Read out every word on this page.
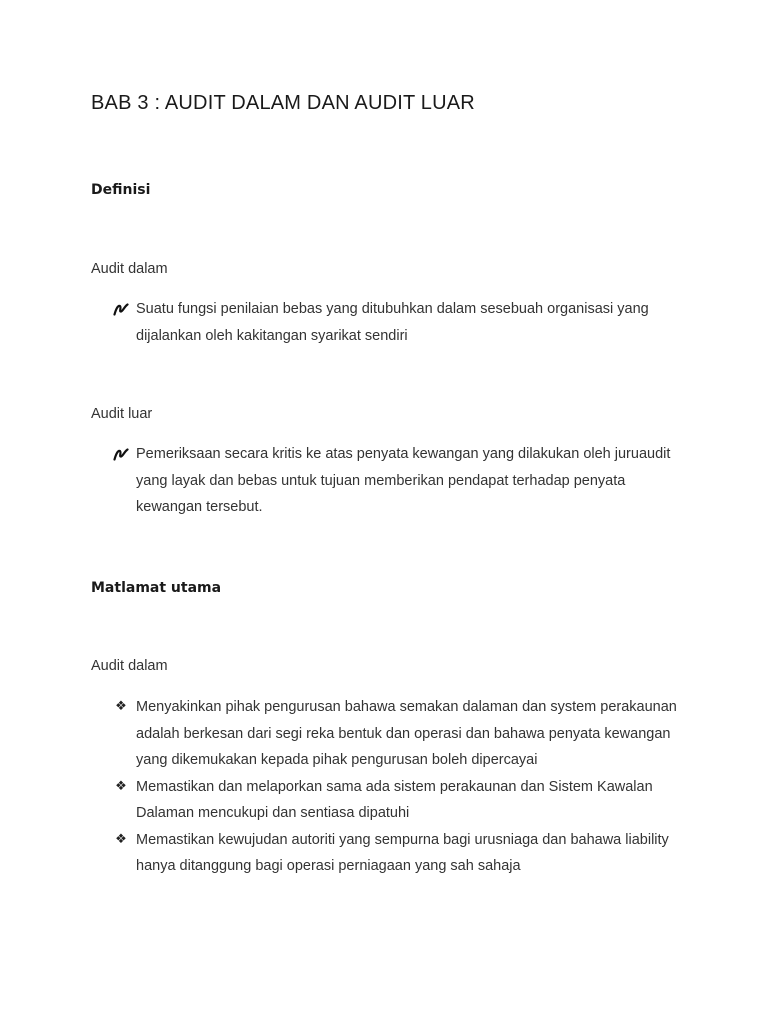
BAB 3 : AUDIT DALAM DAN AUDIT LUAR
Definisi

Audit dalam

Suatu fungsi penilaian bebas yang ditubuhkan dalam sesebuah organisasi yang dijalankan oleh kakitangan syarikat sendiri

Audit luar

Pemeriksaan secara kritis ke atas penyata kewangan yang dilakukan oleh juruaudit yang layak dan bebas untuk tujuan memberikan pendapat terhadap penyata kewangan tersebut.
Matlamat utama

Audit dalam

❖ Menyakinkan pihak pengurusan bahawa semakan dalaman dan system perakaunan adalah berkesan dari segi reka bentuk dan operasi dan bahawa penyata kewangan yang dikemukakan kepada pihak pengurusan boleh dipercayai
❖ Memastikan dan melaporkan sama ada sistem perakaunan dan Sistem Kawalan Dalaman mencukupi dan sentiasa dipatuhi
❖ Memastikan kewujudan autoriti yang sempurna bagi urusniaga dan bahawa liability hanya ditanggung bagi operasi perniagaan yang sah sahaja
